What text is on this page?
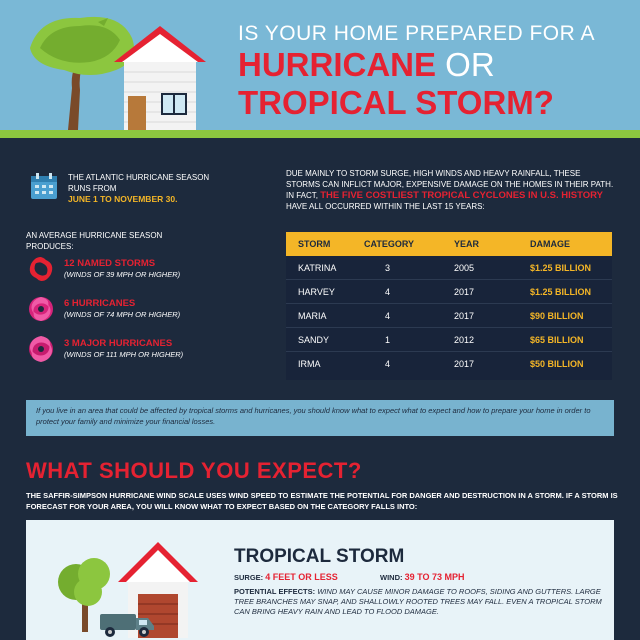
IS YOUR HOME PREPARED FOR A
HURRICANE OR
TROPICAL STORM?
THE ATLANTIC HURRICANE SEASON RUNS FROM
JUNE 1 TO NOVEMBER 30.
AN AVERAGE HURRICANE SEASON PRODUCES:
12 NAMED STORMS
(WINDS OF 39 MPH OR HIGHER)
6 HURRICANES
(WINDS OF 74 MPH OR HIGHER)
3 MAJOR HURRICANES
(WINDS OF 111 MPH OR HIGHER)
DUE MAINLY TO STORM SURGE, HIGH WINDS AND HEAVY RAINFALL, THESE STORMS CAN INFLICT MAJOR, EXPENSIVE DAMAGE ON THE HOMES IN THEIR PATH. IN FACT, THE FIVE COSTLIEST TROPICAL CYCLONES IN U.S. HISTORY HAVE ALL OCCURRED WITHIN THE LAST 15 YEARS:
STORM	CATEGORY	YEAR	DAMAGE
KATRINA	3	2005	$1.25 BILLION
HARVEY	4	2017	$1.25 BILLION
MARIA	4	2017	$90 BILLION
SANDY	1	2012	$65 BILLION
IRMA	4	2017	$50 BILLION
If you live in an area that could be affected by tropical storms and hurricanes, you should know what to expect what to expect and how to prepare your home in order to protect your family and minimize your financial losses.
WHAT SHOULD YOU EXPECT?
THE SAFFIR-SIMPSON HURRICANE WIND SCALE USES WIND SPEED TO ESTIMATE THE POTENTIAL FOR DANGER AND DESTRUCTION IN A STORM. IF A STORM IS FORECAST FOR YOUR AREA, YOU WILL KNOW WHAT TO EXPECT BASED ON THE CATEGORY FALLS INTO:
TROPICAL STORM
SURGE: 4 FEET OR LESS	WIND: 39 TO 73 MPH
POTENTIAL EFFECTS: WIND MAY CAUSE MINOR DAMAGE TO ROOFS, SIDING AND GUTTERS. LARGE TREE BRANCHES MAY SNAP, AND SHALLOWLY ROOTED TREES MAY FALL. EVEN A TROPICAL STORM CAN BRING HEAVY RAIN AND LEAD TO FLOOD DAMAGE.
